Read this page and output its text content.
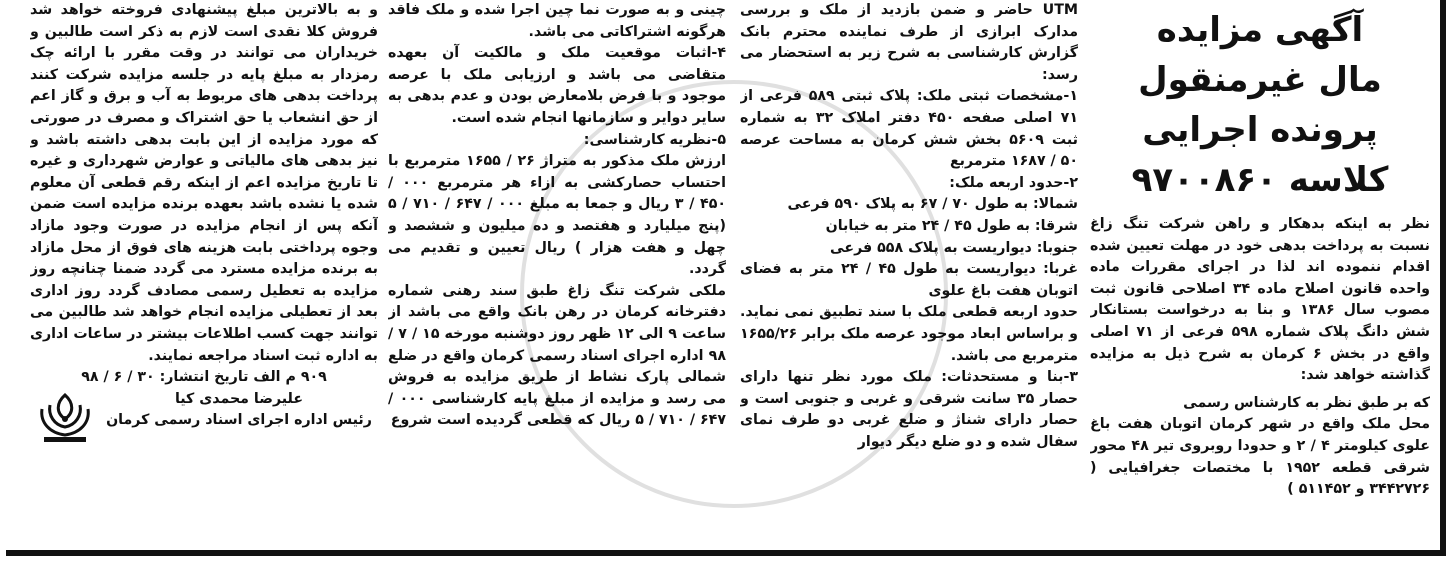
آگهی مزایده
مال غیرمنقول
پرونده اجرایی
کلاسه ۹۷۰۰۸۶۰

نظر به اینکه بدهکار و راهن شرکت تنگ زاغ نسبت به پرداخت بدهی خود در مهلت تعیین شده اقدام ننموده اند لذا در اجرای مقررات ماده واحده قانون اصلاح ماده ۳۴ اصلاحی قانون ثبت مصوب سال ۱۳۸۶ و بنا به درخواست بستانکار شش دانگ پلاک شماره ۵۹۸ فرعی از ۷۱ اصلی واقع در بخش ۶ کرمان به شرح ذیل به مزایده گذاشته خواهد شد:

که بر طبق نظر به کارشناس رسمی

محل ملک واقع در شهر کرمان اتوبان هفت باغ علوی کیلومتر ۴ / ۲ و حدودا روبروی تیر ۴۸ محور شرقی قطعه ۱۹۵۲ با مختصات جغرافیایی ( ۳۴۴۲۷۲۶ و ۵۱۱۴۵۲ )

UTM حاضر و ضمن بازدید از ملک و بررسی مدارک ابرازی از طرف نماینده محترم بانک گزارش کارشناسی به شرح زیر به استحضار می رسد:

۱-مشخصات ثبتی ملک: پلاک ثبتی ۵۸۹ فرعی از ۷۱ اصلی صفحه ۴۵۰ دفتر املاک ۳۲ به شماره ثبت ۵۶۰۹ بخش شش کرمان به مساحت عرصه ۵۰ / ۱۶۸۷ مترمربع

۲-حدود اربعه ملک:

شمالا: به طول ۷۰ / ۶۷ به پلاک ۵۹۰ فرعی

شرقا: به طول ۴۵ / ۲۴ متر به خیابان

جنوبا: دیواریست به پلاک ۵۵۸ فرعی

غربا: دیواریست به طول ۴۵ / ۲۴ متر به فضای اتوبان هفت باغ علوی

حدود اربعه قطعی ملک با سند تطبیق نمی نماید. و براساس ابعاد موجود عرصه ملک برابر ۱۶۵۵/۲۶ مترمربع می باشد.

۳-بنا و مستحدثات: ملک مورد نظر تنها دارای حصار ۳۵ سانت شرقی و غربی و جنوبی است و حصار دارای شناژ و ضلع غربی دو طرف نمای سفال شده و دو ضلع دیگر دیوار

چینی و به صورت نما چین اجرا شده و ملک فاقد هرگونه اشتراکاتی می باشد.

۴-اثبات موقعیت ملک و مالکیت آن بعهده متقاضی می باشد و ارزیابی ملک با عرصه موجود و با فرض بلامعارض بودن و عدم بدهی به سایر دوایر و سازمانها انجام شده است.

۵-نظریه کارشناسی:

ارزش ملک مذکور به متراژ ۲۶ / ۱۶۵۵ مترمربع با احتساب حصارکشی به ازاء هر مترمربع ۰۰۰ / ۴۵۰ / ۳ ریال و جمعا به مبلغ ۰۰۰ / ۶۴۷ / ۷۱۰ / ۵ (پنج میلیارد و هفتصد و ده میلیون و ششصد و چهل و هفت هزار ) ریال تعیین و تقدیم می گردد.

ملکی شرکت تنگ زاغ طبق سند رهنی شماره دفترخانه کرمان در رهن بانک واقع می باشد از ساعت ۹ الی ۱۲ ظهر روز دوشنبه مورخه ۱۵ / ۷ / ۹۸ اداره اجرای اسناد رسمی کرمان واقع در ضلع شمالی پارک نشاط از طریق مزایده به فروش می رسد و مزایده از مبلغ پایه کارشناسی ۰۰۰ / ۶۴۷ / ۷۱۰ / ۵ ریال که قطعی گردیده است شروع

و به بالاترین مبلغ پیشنهادی فروخته خواهد شد فروش کلا نقدی است لازم به ذکر است طالبین و خریداران می توانند در وقت مقرر با ارائه چک رمزدار به مبلغ پایه در جلسه مزایده شرکت کنند پرداخت بدهی های مربوط به آب و برق و گاز اعم از حق انشعاب یا حق اشتراک و مصرف در صورتی که مورد مزایده از این بابت بدهی داشته باشد و نیز بدهی های مالیاتی و عوارض شهرداری و غیره تا تاریخ مزایده اعم از اینکه رقم قطعی آن معلوم شده یا نشده باشد بعهده برنده مزایده است ضمن آنکه پس از انجام مزایده در صورت وجود مازاد وجوه پرداختی بابت هزینه های فوق از محل مازاد به برنده مزایده مسترد می گردد ضمنا چنانچه روز مزایده به تعطیل رسمی مصادف گردد روز اداری بعد از تعطیلی مزایده انجام خواهد شد طالبین می توانند جهت کسب اطلاعات بیشتر در ساعات اداری به اداره ثبت اسناد مراجعه نمایند.

۹۰۹ م الف تاریخ انتشار: ۳۰ / ۶ / ۹۸

علیرضا محمدی کیا

رئیس اداره اجرای اسناد رسمی کرمان
